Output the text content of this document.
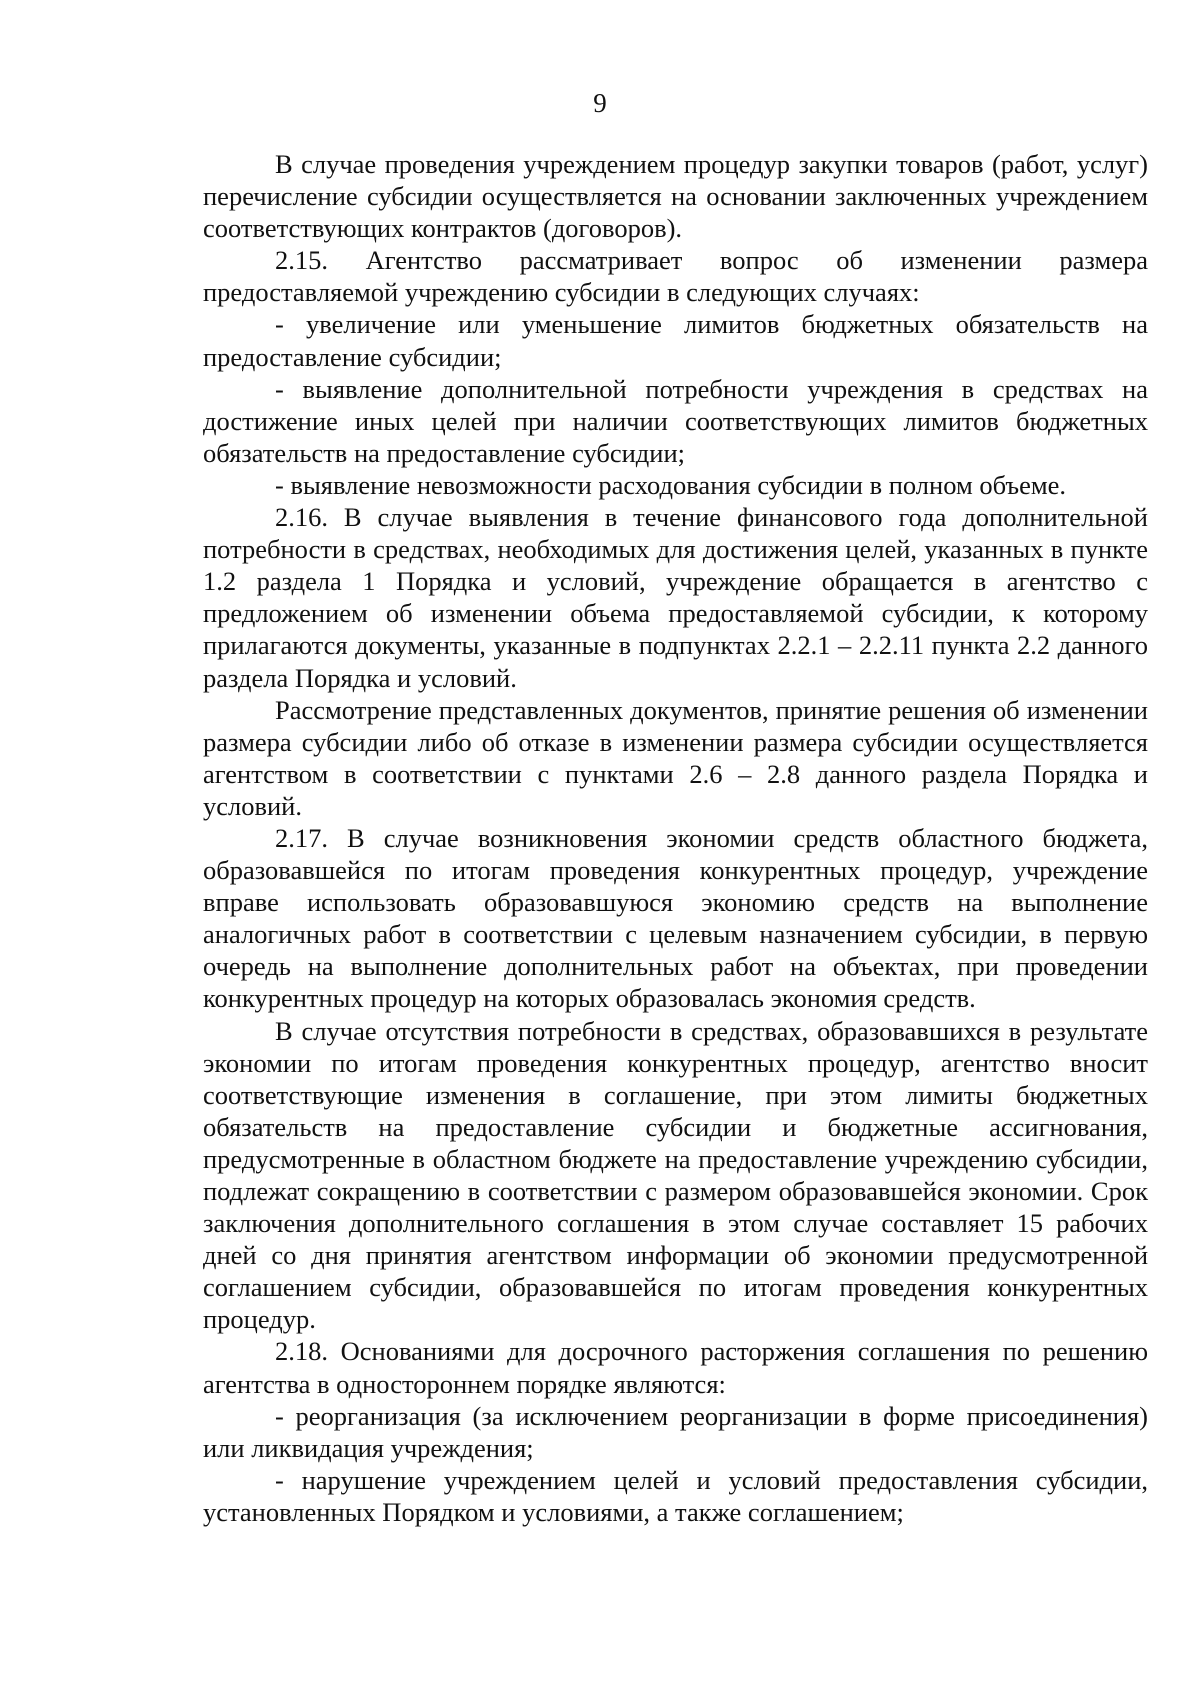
9

В случае проведения учреждением процедур закупки товаров (работ, услуг) перечисление субсидии осуществляется на основании заключенных учреждением соответствующих контрактов (договоров).

2.15. Агентство рассматривает вопрос об изменении размера предоставляемой учреждению субсидии в следующих случаях:

- увеличение или уменьшение лимитов бюджетных обязательств на предоставление субсидии;

- выявление дополнительной потребности учреждения в средствах на достижение иных целей при наличии соответствующих лимитов бюджетных обязательств на предоставление субсидии;

- выявление невозможности расходования субсидии в полном объеме.

2.16. В случае выявления в течение финансового года дополнительной потребности в средствах, необходимых для достижения целей, указанных в пункте 1.2 раздела 1 Порядка и условий, учреждение обращается в агентство с предложением об изменении объема предоставляемой субсидии, к которому прилагаются документы, указанные в подпунктах 2.2.1 – 2.2.11 пункта 2.2 данного раздела Порядка и условий.

Рассмотрение представленных документов, принятие решения об изменении размера субсидии либо об отказе в изменении размера субсидии осуществляется агентством в соответствии с пунктами 2.6 – 2.8 данного раздела Порядка и условий.

2.17. В случае возникновения экономии средств областного бюджета, образовавшейся по итогам проведения конкурентных процедур, учреждение вправе использовать образовавшуюся экономию средств на выполнение аналогичных работ в соответствии с целевым назначением субсидии, в первую очередь на выполнение дополнительных работ на объектах, при проведении конкурентных процедур на которых образовалась экономия средств.

В случае отсутствия потребности в средствах, образовавшихся в результате экономии по итогам проведения конкурентных процедур, агентство вносит соответствующие изменения в соглашение, при этом лимиты бюджетных обязательств на предоставление субсидии и бюджетные ассигнования, предусмотренные в областном бюджете на предоставление учреждению субсидии, подлежат сокращению в соответствии с размером образовавшейся экономии. Срок заключения дополнительного соглашения в этом случае составляет 15 рабочих дней со дня принятия агентством информации об экономии предусмотренной соглашением субсидии, образовавшейся по итогам проведения конкурентных процедур.

2.18. Основаниями для досрочного расторжения соглашения по решению агентства в одностороннем порядке являются:

- реорганизация (за исключением реорганизации в форме присоединения) или ликвидация учреждения;

- нарушение учреждением целей и условий предоставления субсидии, установленных Порядком и условиями, а также соглашением;
